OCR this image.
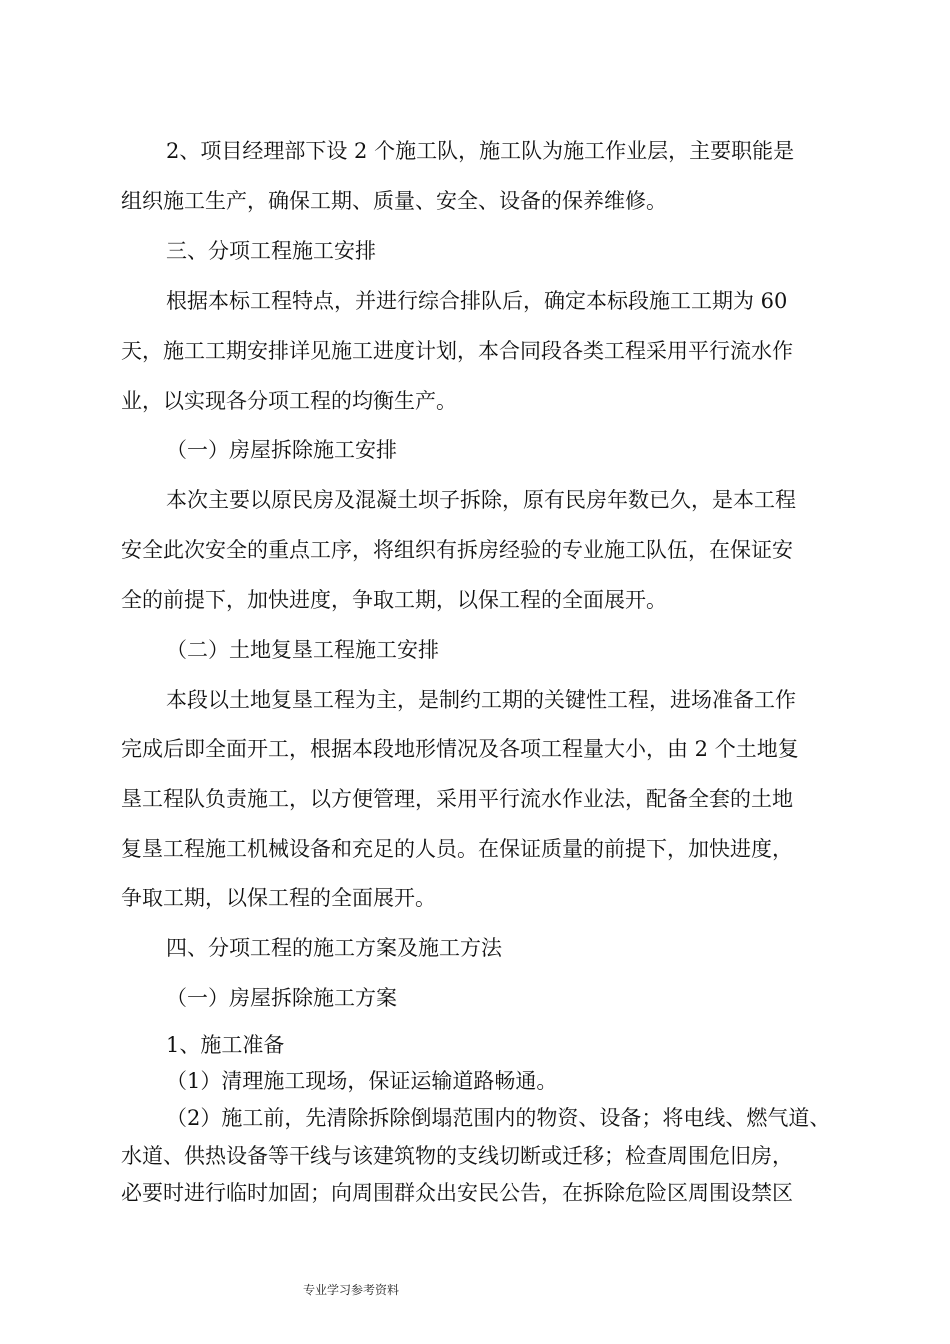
2、项目经理部下设 2 个施工队，施工队为施工作业层，主要职能是
组织施工生产，确保工期、质量、安全、设备的保养维修。
三、分项工程施工安排
根据本标工程特点，并进行综合排队后，确定本标段施工工期为 60
天，施工工期安排详见施工进度计划，本合同段各类工程采用平行流水作
业，以实现各分项工程的均衡生产。
（一）房屋拆除施工安排
本次主要以原民房及混凝土坝子拆除，原有民房年数已久，是本工程
安全此次安全的重点工序，将组织有拆房经验的专业施工队伍，在保证安
全的前提下，加快进度，争取工期，以保工程的全面展开。
（二）土地复垦工程施工安排
本段以土地复垦工程为主，是制约工期的关键性工程，进场准备工作
完成后即全面开工，根据本段地形情况及各项工程量大小，由 2 个土地复
垦工程队负责施工，以方便管理，采用平行流水作业法，配备全套的土地
复垦工程施工机械设备和充足的人员。在保证质量的前提下，加快进度，
争取工期，以保工程的全面展开。
四、分项工程的施工方案及施工方法
（一）房屋拆除施工方案
1、施工准备
（1）清理施工现场，保证运输道路畅通。
（2）施工前，先清除拆除倒塌范围内的物资、设备；将电线、燃气道、
水道、供热设备等干线与该建筑物的支线切断或迁移；检查周围危旧房，
必要时进行临时加固；向周围群众出安民公告，在拆除危险区周围设禁区
专业学习参考资料
